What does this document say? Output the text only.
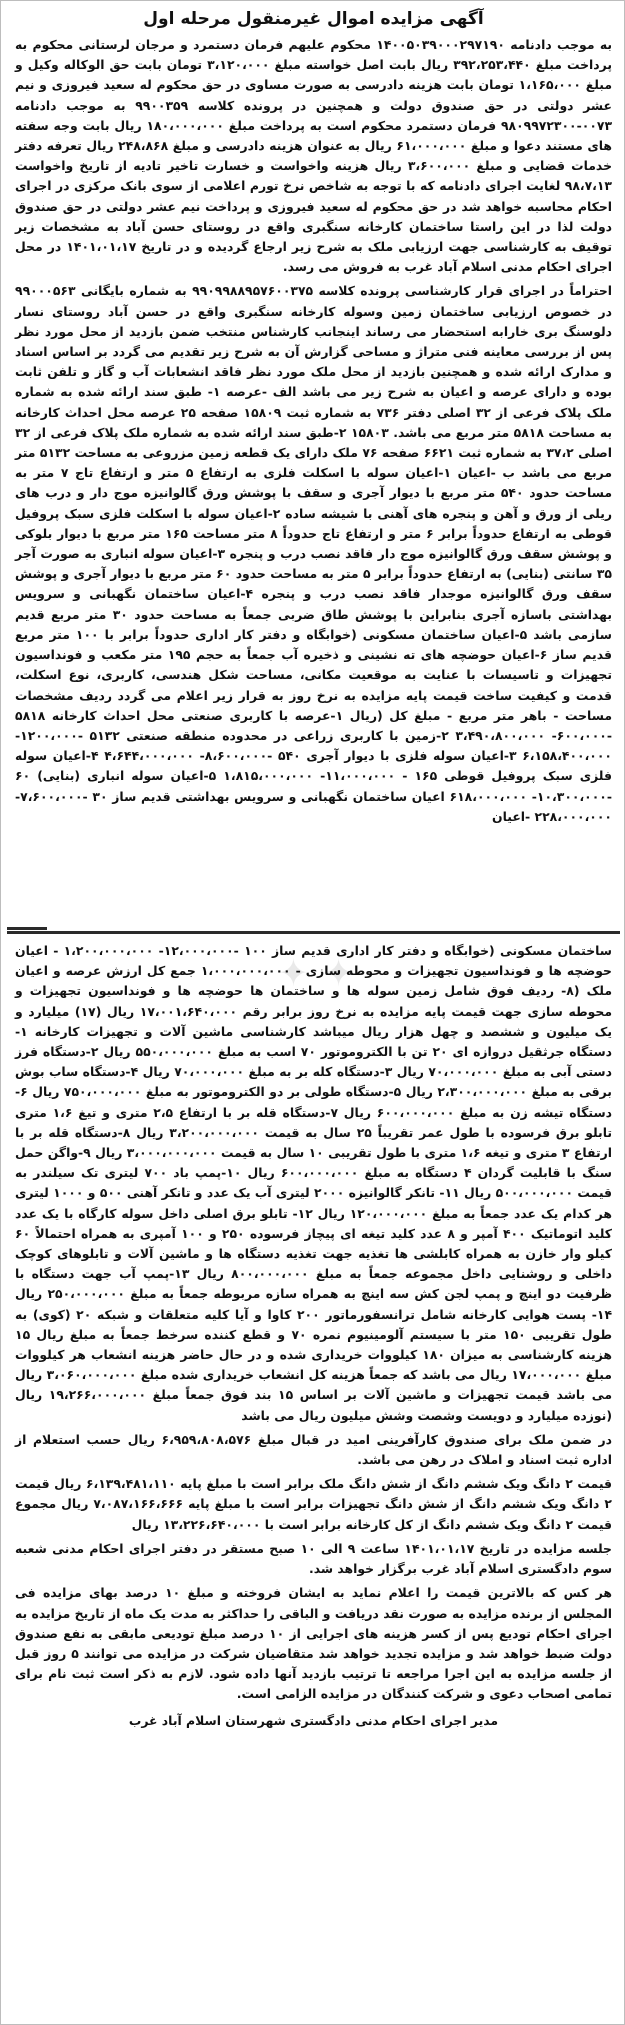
آگهی مزایده اموال غیرمنقول مرحله اول

به موجب دادنامه ۱۴۰۰۵۰۳۹۰۰۰۲۹۷۱۹۰ محکوم علیهم فرمان دستمرد و مرجان لرستانی محکوم به پرداخت مبلغ ۳۹۲،۲۵۳،۴۴۰ ریال بابت اصل خواسته مبلغ ۳،۱۲۰،۰۰۰ تومان بابت حق الوکاله وکیل و مبلغ ۱،۱۶۵،۰۰۰ تومان بابت هزینه دادرسی به صورت مساوی در حق محکوم له سعید فیروزی و نیم عشر دولتی در حق صندوق دولت و همچنین در پرونده کلاسه ۹۹۰۰۳۵۹ به موجب دادنامه ۰۰۷۳-۹۸۰۹۹۷۲۳۰۰ فرمان دستمرد محکوم است به پرداخت مبلغ ۱۸۰،۰۰۰،۰۰۰ ریال بابت وجه سفته های مستند دعوا و مبلغ ۶۱،۰۰۰،۰۰۰ ریال به عنوان هزینه دادرسی و مبلغ ۲۴۸،۸۶۸ ریال تعرفه دفتر خدمات قضایی و مبلغ ۳،۶۰۰،۰۰۰ ریال هزینه واخواست و خسارت تاخیر تادیه از تاریخ واخواست ۹۸،۷،۱۳ لغایت اجرای دادنامه که با توجه به شاخص نرخ تورم اعلامی از سوی بانک مرکزی در اجرای احکام محاسبه خواهد شد در حق محکوم له سعید فیروزی و پرداخت نیم عشر دولتی در حق صندوق دولت لذا در این راستا ساختمان کارخانه سنگبری واقع در روستای حسن آباد به مشخصات زیر توقیف به کارشناسی جهت ارزیابی ملک به شرح زیر ارجاع گردیده و در تاریخ ۱۴۰۱،۰۱،۱۷ در محل اجرای احکام مدنی اسلام آباد غرب به فروش می رسد.

احتراماً در اجرای قرار کارشناسی پرونده کلاسه ۹۹۰۹۹۸۸۹۵۷۶۰۰۳۷۵ به شماره بایگانی ۹۹۰۰۰۵۶۳ در خصوص ارزیابی ساختمان زمین وسوله کارخانه سنگبری واقع در حسن آباد روستای نسار دلوسنگ بری خارابه استحضار می رساند اینجانب کارشناس منتخب ضمن بازدید از محل مورد نظر پس از بررسی معاینه فنی متراژ و مساحی گزارش آن به شرح زیر تقدیم می گردد بر اساس اسناد و مدارک ارائه شده و همچنین بازدید از محل ملک مورد نظر فاقد انشعابات آب و گاز و تلفن ثابت بوده و دارای عرصه و اعیان به شرح زیر می باشد الف -عرصه ۱- طبق سند ارائه شده به شماره ملک پلاک فرعی از ۳۲ اصلی دفتر ۷۳۶ به شماره ثبت ۱۵۸۰۹ صفحه ۲۵ عرصه محل احداث کارخانه به مساحت ۵۸۱۸ متر مربع می باشد. ۱۵۸۰۳ ۲-طبق سند ارائه شده به شماره ملک پلاک فرعی از ۳۲ اصلی ۳۷،۲ به شماره ثبت ۶۶۲۱ صفحه ۷۶ ملک دارای یک قطعه زمین مزروعی به مساحت ۵۱۳۲ متر مربع می باشد ب -اعیان ۱-اعیان سوله با اسکلت فلزی به ارتفاع ۵ متر و ارتفاع تاج ۷ متر به مساحت حدود ۵۴۰ متر مربع با دیوار آجری و سقف با پوشش ورق گالوانیزه موج دار و درب های ریلی از ورق و آهن و پنجره های آهنی با شیشه ساده ۲-اعیان سوله با اسکلت فلزی سبک پروفیل قوطی به ارتفاع حدوداً برابر ۶ متر و ارتفاع تاج حدوداً ۸ متر مساحت ۱۶۵ متر مربع با دیوار بلوکی و پوشش سقف ورق گالوانیزه موج دار فاقد نصب درب و پنجره ۳-اعیان سوله انباری به صورت آجر ۳۵ سانتی (بنایی) به ارتفاع حدوداً برابر ۵ متر به مساحت حدود ۶۰ متر مربع با دیوار آجری و پوشش سقف ورق گالوانیزه موجدار فاقد نصب درب و پنجره ۴-اعیان ساختمان نگهبانی و سرویس بهداشتی باسازه آجری بنابراین با پوشش طاق ضربی جمعاً به مساحت حدود ۳۰ متر مربع قدیم سازمی باشد ۵-اعیان ساختمان مسکونی (خوابگاه و دفتر کار اداری حدوداً برابر با ۱۰۰ متر مربع قدیم ساز ۶-اعیان حوضچه های ته نشینی و ذخیره آب جمعاً به حجم ۱۹۵ متر مکعب و فونداسیون تجهیزات و تاسیسات با عنایت به موقعیت مکانی، مساحت شکل هندسی، کاربری، نوع اسکلت، قدمت و کیفیت ساخت قیمت پایه مزایده به نرخ روز به قرار زیر اعلام می گردد ردیف مشخصات مساحت - باهر متر مربع - مبلغ کل (ریال ۱-عرصه با کاربری صنعتی محل احداث کارخانه ۵۸۱۸ -۶۰۰،۰۰۰- ۳،۴۹۰،۸۰۰،۰۰۰ ۲-زمین با کاربری زراعی در محدوده منطقه صنعتی ۵۱۳۲ -۱۲۰۰،۰۰۰- ۶،۱۵۸،۴۰۰،۰۰۰ ۳-اعیان سوله فلزی با دیوار آجری ۵۴۰ -۸،۶۰۰،۰۰۰- ۴،۶۴۴،۰۰۰،۰۰۰ ۴-اعیان سوله فلزی سبک پروفیل قوطی ۱۶۵ - ۱۱،۰۰۰،۰۰۰- ۱،۸۱۵،۰۰۰،۰۰۰ ۵-اعیان سوله انباری (بنایی) ۶۰ -۱۰،۳۰۰،۰۰۰- ۶۱۸،۰۰۰،۰۰۰ اعیان ساختمان نگهبانی و سرویس بهداشتی قدیم ساز ۳۰ -۷،۶۰۰،۰۰۰- ۲۲۸،۰۰۰،۰۰۰ -اعیان

✦ ✦

ساختمان مسکونی (خوابگاه و دفتر کار اداری قدیم ساز ۱۰۰ -۱۲،۰۰۰،۰۰۰- ۱،۲۰۰،۰۰۰،۰۰۰ - اعیان حوضچه ها و فونداسیون تجهیزات و محوطه سازی - ۱،۰۰۰،۰۰۰،۰۰۰ جمع کل ارزش عرصه و اعیان ملک (۸- ردیف فوق شامل زمین سوله ها و ساختمان ها حوضچه ها و فونداسیون تجهیزات و محوطه سازی جهت قیمت پایه مزایده به نرخ روز برابر رقم ۱۷،۰۰۱،۶۴۰،۰۰۰ ریال (۱۷) میلیارد و یک میلیون و ششصد و چهل هزار ریال میباشد کارشناسی ماشین آلات و تجهیزات کارخانه ۱- دستگاه جرثقیل دروازه ای ۲۰ تن با الکتروموتور ۷۰ اسب به مبلغ ۵۵۰،۰۰۰،۰۰۰ ریال ۲-دستگاه فرز دستی آبی به مبلغ ۷۰،۰۰۰،۰۰۰ ریال ۳-دستگاه کله بر به مبلغ ۷۰،۰۰۰،۰۰۰ ریال ۴-دستگاه ساب بوش برقی به مبلغ ۲،۳۰۰،۰۰۰،۰۰۰ ریال ۵-دستگاه طولی بر دو الکتروموتور به مبلغ ۷۵۰،۰۰۰،۰۰۰ ریال ۶-دستگاه تیشه زن به مبلغ ۶۰۰،۰۰۰،۰۰۰ ریال ۷-دستگاه قله بر با ارتفاع ۲،۵ متری و تیغ ۱،۶ متری تابلو برق فرسوده با طول عمر تقریباً ۲۵ سال به قیمت ۳،۲۰۰،۰۰۰،۰۰۰ ریال ۸-دستگاه قله بر با ارتفاع ۳ متری و تیغه ۱،۶ متری با طول تقریبی ۱۰ سال به قیمت ۳،۰۰۰،۰۰۰،۰۰۰ ریال ۹-واگن حمل سنگ با قابلیت گردان ۴ دستگاه به مبلغ ۶۰۰،۰۰۰،۰۰۰ ریال ۱۰-پمپ باد ۷۰۰ لیتری تک سیلندر به قیمت ۵۰۰،۰۰۰،۰۰۰ ریال ۱۱- تانکر گالوانیزه ۲۰۰۰ لیتری آب یک عدد و تانکر آهنی ۵۰۰ و ۱۰۰۰ لیتری هر کدام یک عدد جمعاً به مبلغ ۱۲۰،۰۰۰،۰۰۰ ریال ۱۲- تابلو برق اصلی داخل سوله کارگاه با یک عدد کلید اتوماتیک ۴۰۰ آمپر و ۸ عدد کلید تیغه ای پیچاز فرسوده ۲۵۰ و ۱۰۰ آمپری به همراه احتمالاً ۶۰ کیلو وار خازن به همراه کابلشی ها تغذیه جهت تغذیه دستگاه ها و ماشین آلات و تابلوهای کوچک داخلی و روشنایی داخل مجموعه جمعاً به مبلغ ۸۰۰،۰۰۰،۰۰۰ ریال ۱۳-پمپ آب جهت دستگاه با ظرفیت دو اینچ و پمپ لجن کش سه اینچ به همراه سازه مربوطه جمعاً به مبلغ ۲۵۰،۰۰۰،۰۰۰ ریال ۱۴- پست هوایی کارخانه شامل ترانسفورماتور ۲۰۰ کاوا و آیا کلیه متعلقات و شبکه ۲۰ (کوی) به طول تقریبی ۱۵۰ متر با سیستم آلومینیوم نمره ۷۰ و قطع کننده سرخط جمعاً به مبلغ ریال ۱۵ هزینه کارشناسی به میزان ۱۸۰ کیلووات خریداری شده و در حال حاضر هزینه انشعاب هر کیلووات مبلغ ۱۷،۰۰۰،۰۰۰ ریال می باشد که جمعاً هزینه کل انشعاب خریداری شده مبلغ ۳،۰۶۰،۰۰۰،۰۰۰ ریال می باشد قیمت تجهیزات و ماشین آلات بر اساس ۱۵ بند فوق جمعاً مبلغ ۱۹،۲۶۶،۰۰۰،۰۰۰ ریال (نوزده میلیارد و دویست وشصت وشش میلیون ریال می باشد

در ضمن ملک برای صندوق کارآفرینی امید در قبال مبلغ ۶،۹۵۹،۸۰۸،۵۷۶ ریال حسب استعلام از اداره ثبت اسناد و املاک در رهن می باشد.

قیمت ۲ دانگ ویک ششم دانگ از شش دانگ ملک برابر است با مبلغ پایه ۶،۱۳۹،۴۸۱،۱۱۰ ریال قیمت ۲ دانگ ویک ششم دانگ از شش دانگ تجهیزات برابر است با مبلغ پایه ۷،۰۸۷،۱۶۶،۶۶۶ ریال مجموع قیمت ۲ دانگ ویک ششم دانگ از کل کارخانه برابر است با ۱۳،۲۲۶،۶۴۰،۰۰۰ ریال

جلسه مزایده در تاریخ ۱۴۰۱،۰۱،۱۷ ساعت ۹ الی ۱۰ صبح مستقر در دفتر اجرای احکام مدنی شعبه سوم دادگستری اسلام آباد غرب برگزار خواهد شد.

هر کس که بالاترین قیمت را اعلام نماید به ایشان فروخته و مبلغ ۱۰ درصد بهای مزایده فی المجلس از برنده مزایده به صورت نقد دریافت و الباقی را حداکثر به مدت یک ماه از تاریخ مزایده به اجرای احکام تودیع پس از کسر هزینه های اجرایی از ۱۰ درصد مبلغ تودیعی مابقی به نفع صندوق دولت ضبط خواهد شد و مزایده تجدید خواهد شد متقاضیان شرکت در مزایده می توانند ۵ روز قبل از جلسه مزایده به این اجرا مراجعه تا ترتیب بازدید آنها داده شود. لازم به ذکر است ثبت نام برای تمامی اصحاب دعوی و شرکت کنندگان در مزایده الزامی است.

مدیر اجرای احکام مدنی دادگستری شهرستان اسلام آباد غرب
